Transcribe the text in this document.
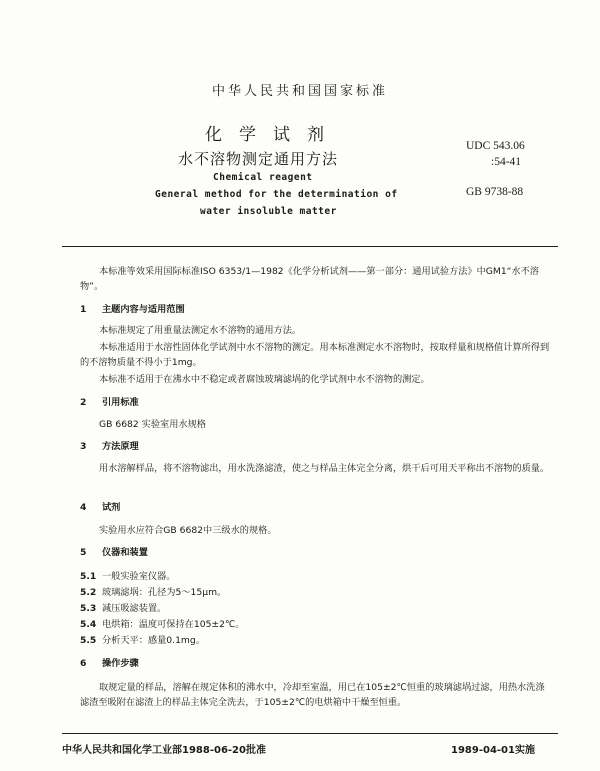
中华人民共和国国家标准
化学试剂
水不溶物测定通用方法
Chemical reagent
General method for the determination of
water insoluble matter
UDC 543.06
:54-41
GB 9738-88
本标准等效采用国际标准ISO 6353/1—1982《化学分析试剂——第一部分：通用试验方法》中GM1“水不溶物”。
1 主题内容与适用范围
本标准规定了用重量法测定水不溶物的通用方法。
本标准适用于水溶性固体化学试剂中水不溶物的测定。用本标准测定水不溶物时，按取样量和规格值计算所得到的不溶物质量不得小于1mg。
本标准不适用于在沸水中不稳定或者腐蚀玻璃滤埚的化学试剂中水不溶物的测定。
2 引用标准
GB 6682 实验室用水规格
3 方法原理
用水溶解样品，将不溶物滤出，用水洗涤滤渣，使之与样品主体完全分离，烘干后可用天平称出不溶物的质量。
4 试剂
实验用水应符合GB 6682中三级水的规格。
5 仪器和装置
5.1 一般实验室仪器。
5.2 玻璃滤埚：孔径为5～15μm。
5.3 减压吸滤装置。
5.4 电烘箱：温度可保持在105±2℃。
5.5 分析天平：感量0.1mg。
6 操作步骤
取规定量的样品，溶解在规定体积的沸水中，冷却至室温，用已在105±2℃恒重的玻璃滤埚过滤，用热水洗涤滤渣至吸附在滤渣上的样品主体完全洗去，于105±2℃的电烘箱中干燥至恒重。
中华人民共和国化学工业部1988-06-20批准	1989-04-01实施
